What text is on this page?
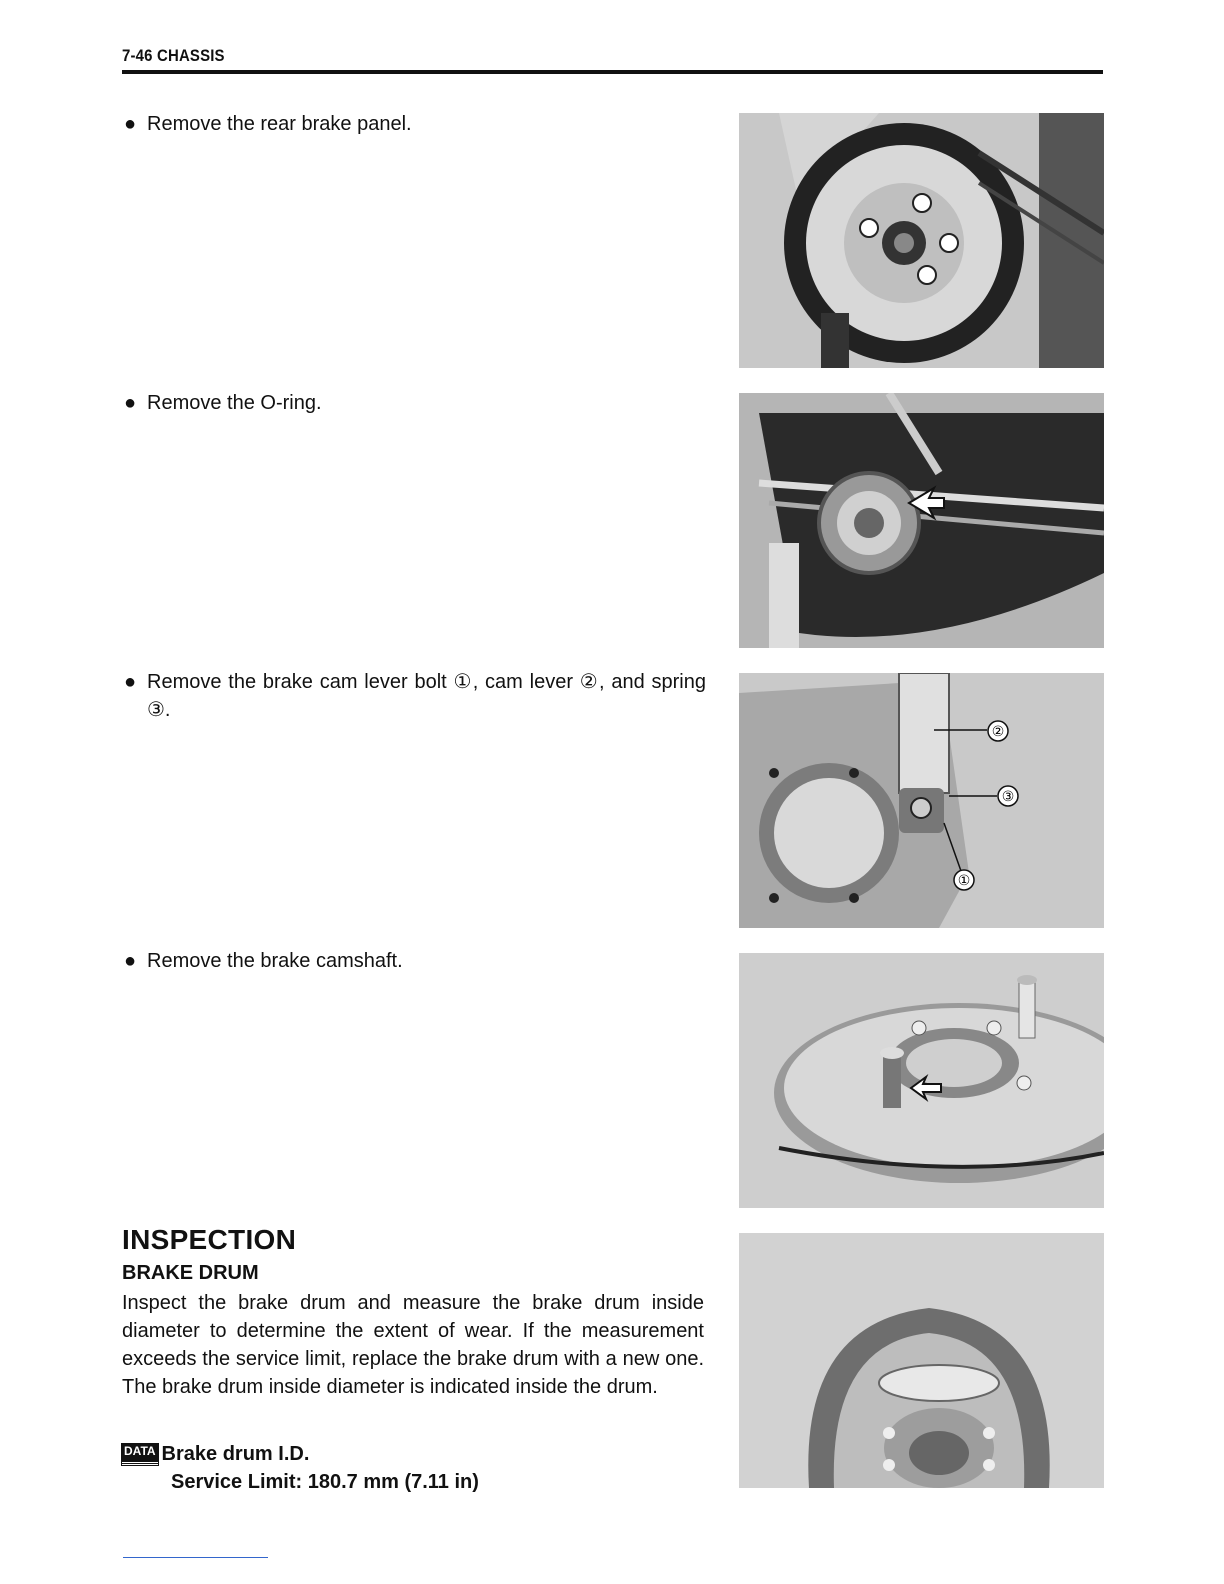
7-46 CHASSIS
● Remove the rear brake panel.
● Remove the O-ring.
● Remove the brake cam lever bolt ①, cam lever ②, and spring ③.
②
③
①
● Remove the brake camshaft.
INSPECTION
BRAKE DRUM
Inspect the brake drum and measure the brake drum inside diameter to determine the extent of wear. If the measurement exceeds the service limit, replace the brake drum with a new one. The brake drum inside diameter is indicated inside the drum.
DATA Brake drum I.D.
Service Limit: 180.7 mm (7.11 in)
